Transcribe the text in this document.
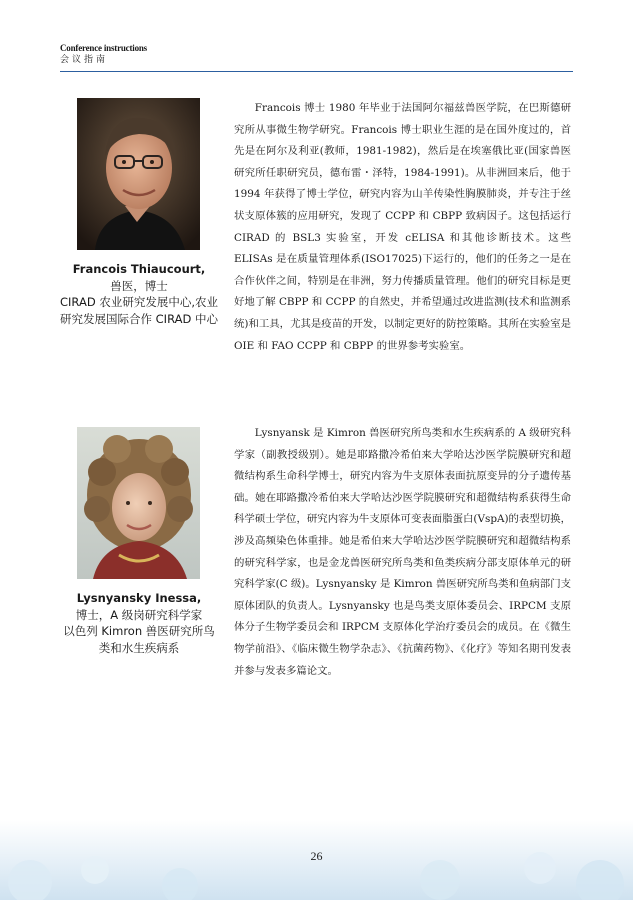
Conference instructions
会议指南
Francois Thiaucourt,
兽医，博士
CIRAD 农业研究发展中心,农业研究发展国际合作 CIRAD 中心
Francois 博士 1980 年毕业于法国阿尔福兹兽医学院，在巴斯德研究所从事微生物学研究。Francois 博士职业生涯的是在国外度过的，首先是在阿尔及利亚(教师，1981-1982)，然后是在埃塞俄比亚(国家兽医研究所任职研究员，德布雷・泽特，1984-1991)。从非洲回来后，他于 1994 年获得了博士学位，研究内容为山羊传染性胸膜肺炎，并专注于丝状支原体簇的应用研究，发现了 CCPP 和 CBPP 致病因子。这包括运行 CIRAD 的 BSL3 实验室，开发 cELISA 和其他诊断技术。这些 ELISAs 是在质量管理体系(ISO17025)下运行的，他们的任务之一是在合作伙伴之间，特别是在非洲，努力传播质量管理。他们的研究目标是更好地了解 CBPP 和 CCPP 的自然史，并希望通过改进监测(技术和监测系统)和工具，尤其是疫苗的开发，以制定更好的防控策略。其所在实验室是 OIE 和 FAO CCPP 和 CBPP 的世界参考实验室。
Lysnyansky Inessa,
博士，A 级岗研究科学家
以色列 Kimron 兽医研究所鸟类和水生疾病系
Lysnyansk 是 Kimron 兽医研究所鸟类和水生疾病系的 A 级研究科学家（副教授级别）。她是耶路撒冷希伯来大学哈达沙医学院膜研究和超微结构系生命科学博士，研究内容为牛支原体表面抗原变异的分子遗传基础。她在耶路撒冷希伯来大学哈达沙医学院膜研究和超微结构系获得生命科学硕士学位，研究内容为牛支原体可变表面脂蛋白(VspA)的表型切换，涉及高频染色体重排。她是希伯来大学哈达沙医学院膜研究和超微结构系的研究科学家，也是金龙兽医研究所鸟类和鱼类疾病分部支原体单元的研究科学家(C 级)。Lysnyansky 是 Kimron 兽医研究所鸟类和鱼病部门支原体团队的负责人。Lysnyansky 也是鸟类支原体委员会、IRPCM 支原体分子生物学委员会和 IRPCM 支原体化学治疗委员会的成员。在《微生物学前沿》、《临床微生物学杂志》、《抗菌药物》、《化疗》等知名期刊发表并参与发表多篇论文。
26
